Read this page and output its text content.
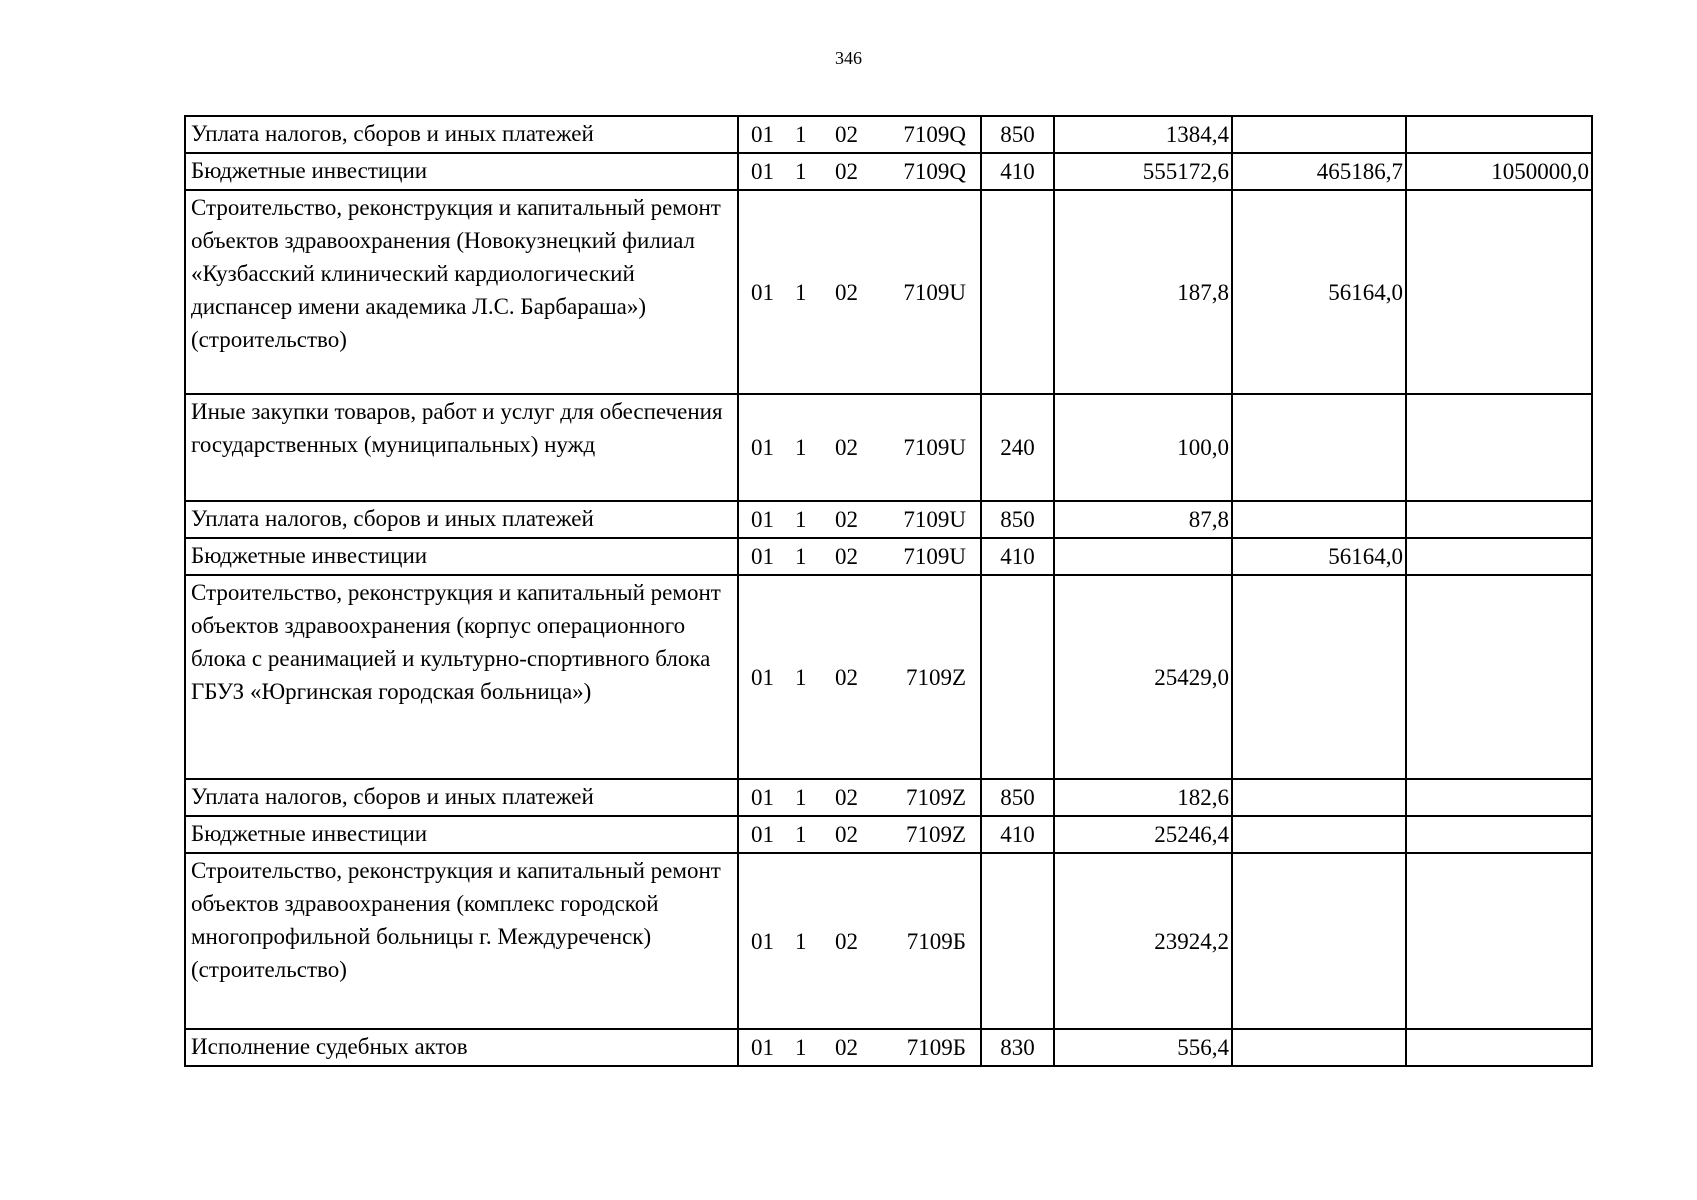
346
Уплата налогов, сборов и иных платежей	01 1 02 7109Q	850	1384,4		
Бюджетные инвестиции	01 1 02 7109Q	410	555172,6	465186,7	1050000,0
Строительство, реконструкция и капитальный ремонт объектов здравоохранения (Новокузнецкий филиал «Кузбасский клинический кардиологический диспансер имени академика Л.С. Барбараша») (строительство)	01 1 02 7109U		187,8	56164,0	
Иные закупки товаров, работ и услуг для обеспечения государственных (муниципальных) нужд	01 1 02 7109U	240	100,0		
Уплата налогов, сборов и иных платежей	01 1 02 7109U	850	87,8		
Бюджетные инвестиции	01 1 02 7109U	410		56164,0	
Строительство, реконструкция и капитальный ремонт объектов здравоохранения (корпус операционного блока с реанимацией и культурно-спортивного блока ГБУЗ «Юргинская городская больница»)	01 1 02 7109Z		25429,0		
Уплата налогов, сборов и иных платежей	01 1 02 7109Z	850	182,6		
Бюджетные инвестиции	01 1 02 7109Z	410	25246,4		
Строительство, реконструкция и капитальный ремонт объектов здравоохранения (комплекс городской многопрофильной больницы г. Междуреченск) (строительство)	01 1 02 7109Б		23924,2		
Исполнение судебных актов	01 1 02 7109Б	830	556,4		
